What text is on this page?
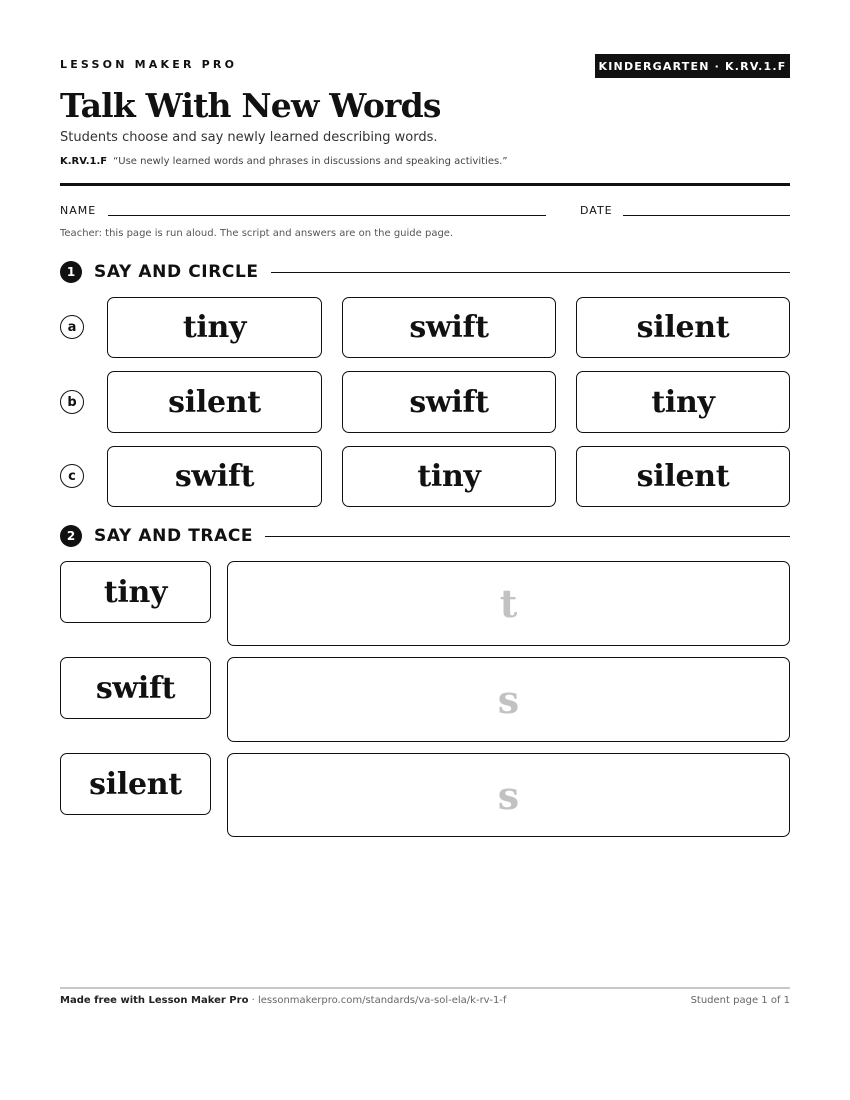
LESSON MAKER PRO	KINDERGARTEN · K.RV.1.F
Talk With New Words
Students choose and say newly learned describing words.
K.RV.1.F “Use newly learned words and phrases in discussions and speaking activities.”
NAME	DATE
Teacher: this page is run aloud. The script and answers are on the guide page.
1	SAY AND CIRCLE
a	tiny	swift	silent
b	silent	swift	tiny
c	swift	tiny	silent
2	SAY AND TRACE
tiny	t
swift	s
silent	s
Made free with Lesson Maker Pro · lessonmakerpro.com/standards/va-sol-ela/k-rv-1-f	Student page 1 of 1
